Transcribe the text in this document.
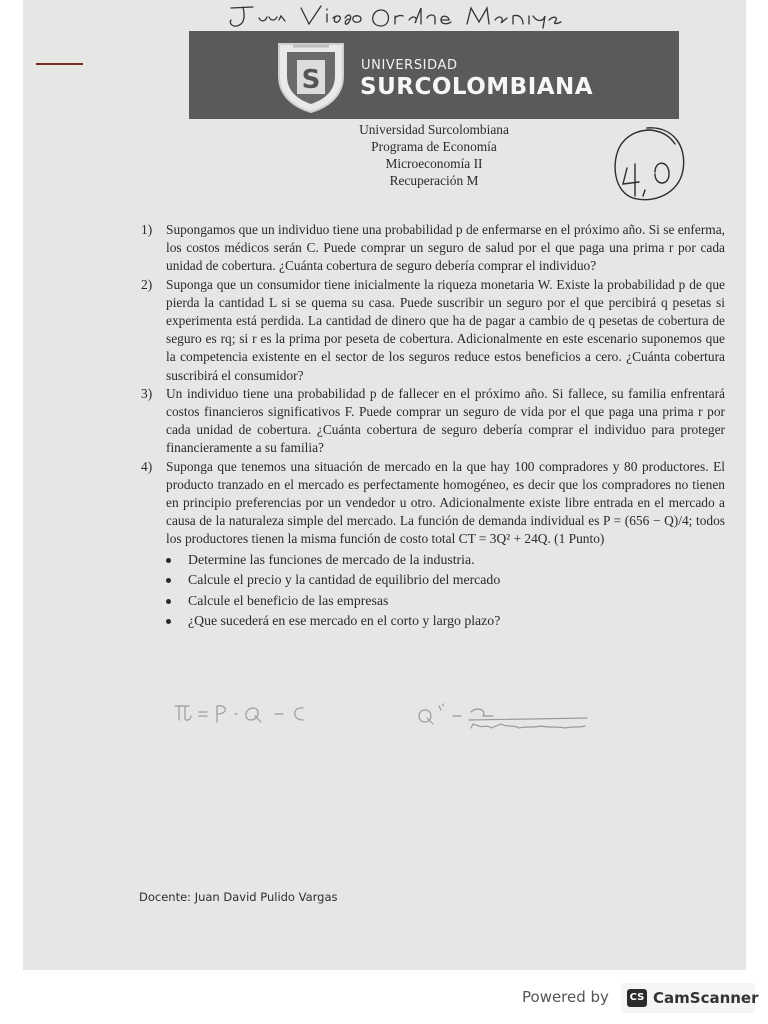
S	UNIVERSIDAD
SURCOLOMBIANA
Universidad Surcolombiana
Programa de Economía
Microeconomía II
Recuperación M
1) Supongamos que un individuo tiene una probabilidad p de enfermarse en el próximo año. Si se enferma, los costos médicos serán C. Puede comprar un seguro de salud por el que paga una prima r por cada unidad de cobertura. ¿Cuánta cobertura de seguro debería comprar el individuo?
2) Suponga que un consumidor tiene inicialmente la riqueza monetaria W. Existe la probabilidad p de que pierda la cantidad L si se quema su casa. Puede suscribir un seguro por el que percibirá q pesetas si experimenta está perdida. La cantidad de dinero que ha de pagar a cambio de q pesetas de cobertura de seguro es rq; si r es la prima por peseta de cobertura. Adicionalmente en este escenario suponemos que la competencia existente en el sector de los seguros reduce estos beneficios a cero. ¿Cuánta cobertura suscribirá el consumidor?
3) Un individuo tiene una probabilidad p de fallecer en el próximo año. Si fallece, su familia enfrentará costos financieros significativos F. Puede comprar un seguro de vida por el que paga una prima r por cada unidad de cobertura. ¿Cuánta cobertura de seguro debería comprar el individuo para proteger financieramente a su familia?
4) Suponga que tenemos una situación de mercado en la que hay 100 compradores y 80 productores. El producto tranzado en el mercado es perfectamente homogéneo, es decir que los compradores no tienen en principio preferencias por un vendedor u otro. Adicionalmente existe libre entrada en el mercado a causa de la naturaleza simple del mercado. La función de demanda individual es P = (656 − Q)/4; todos los productores tienen la misma función de costo total CT = 3Q² + 24Q. (1 Punto)
Determine las funciones de mercado de la industria.
Calcule el precio y la cantidad de equilibrio del mercado
Calcule el beneficio de las empresas
¿Que sucederá en ese mercado en el corto y largo plazo?
Docente: Juan David Pulido Vargas
Powered by CS CamScanner
